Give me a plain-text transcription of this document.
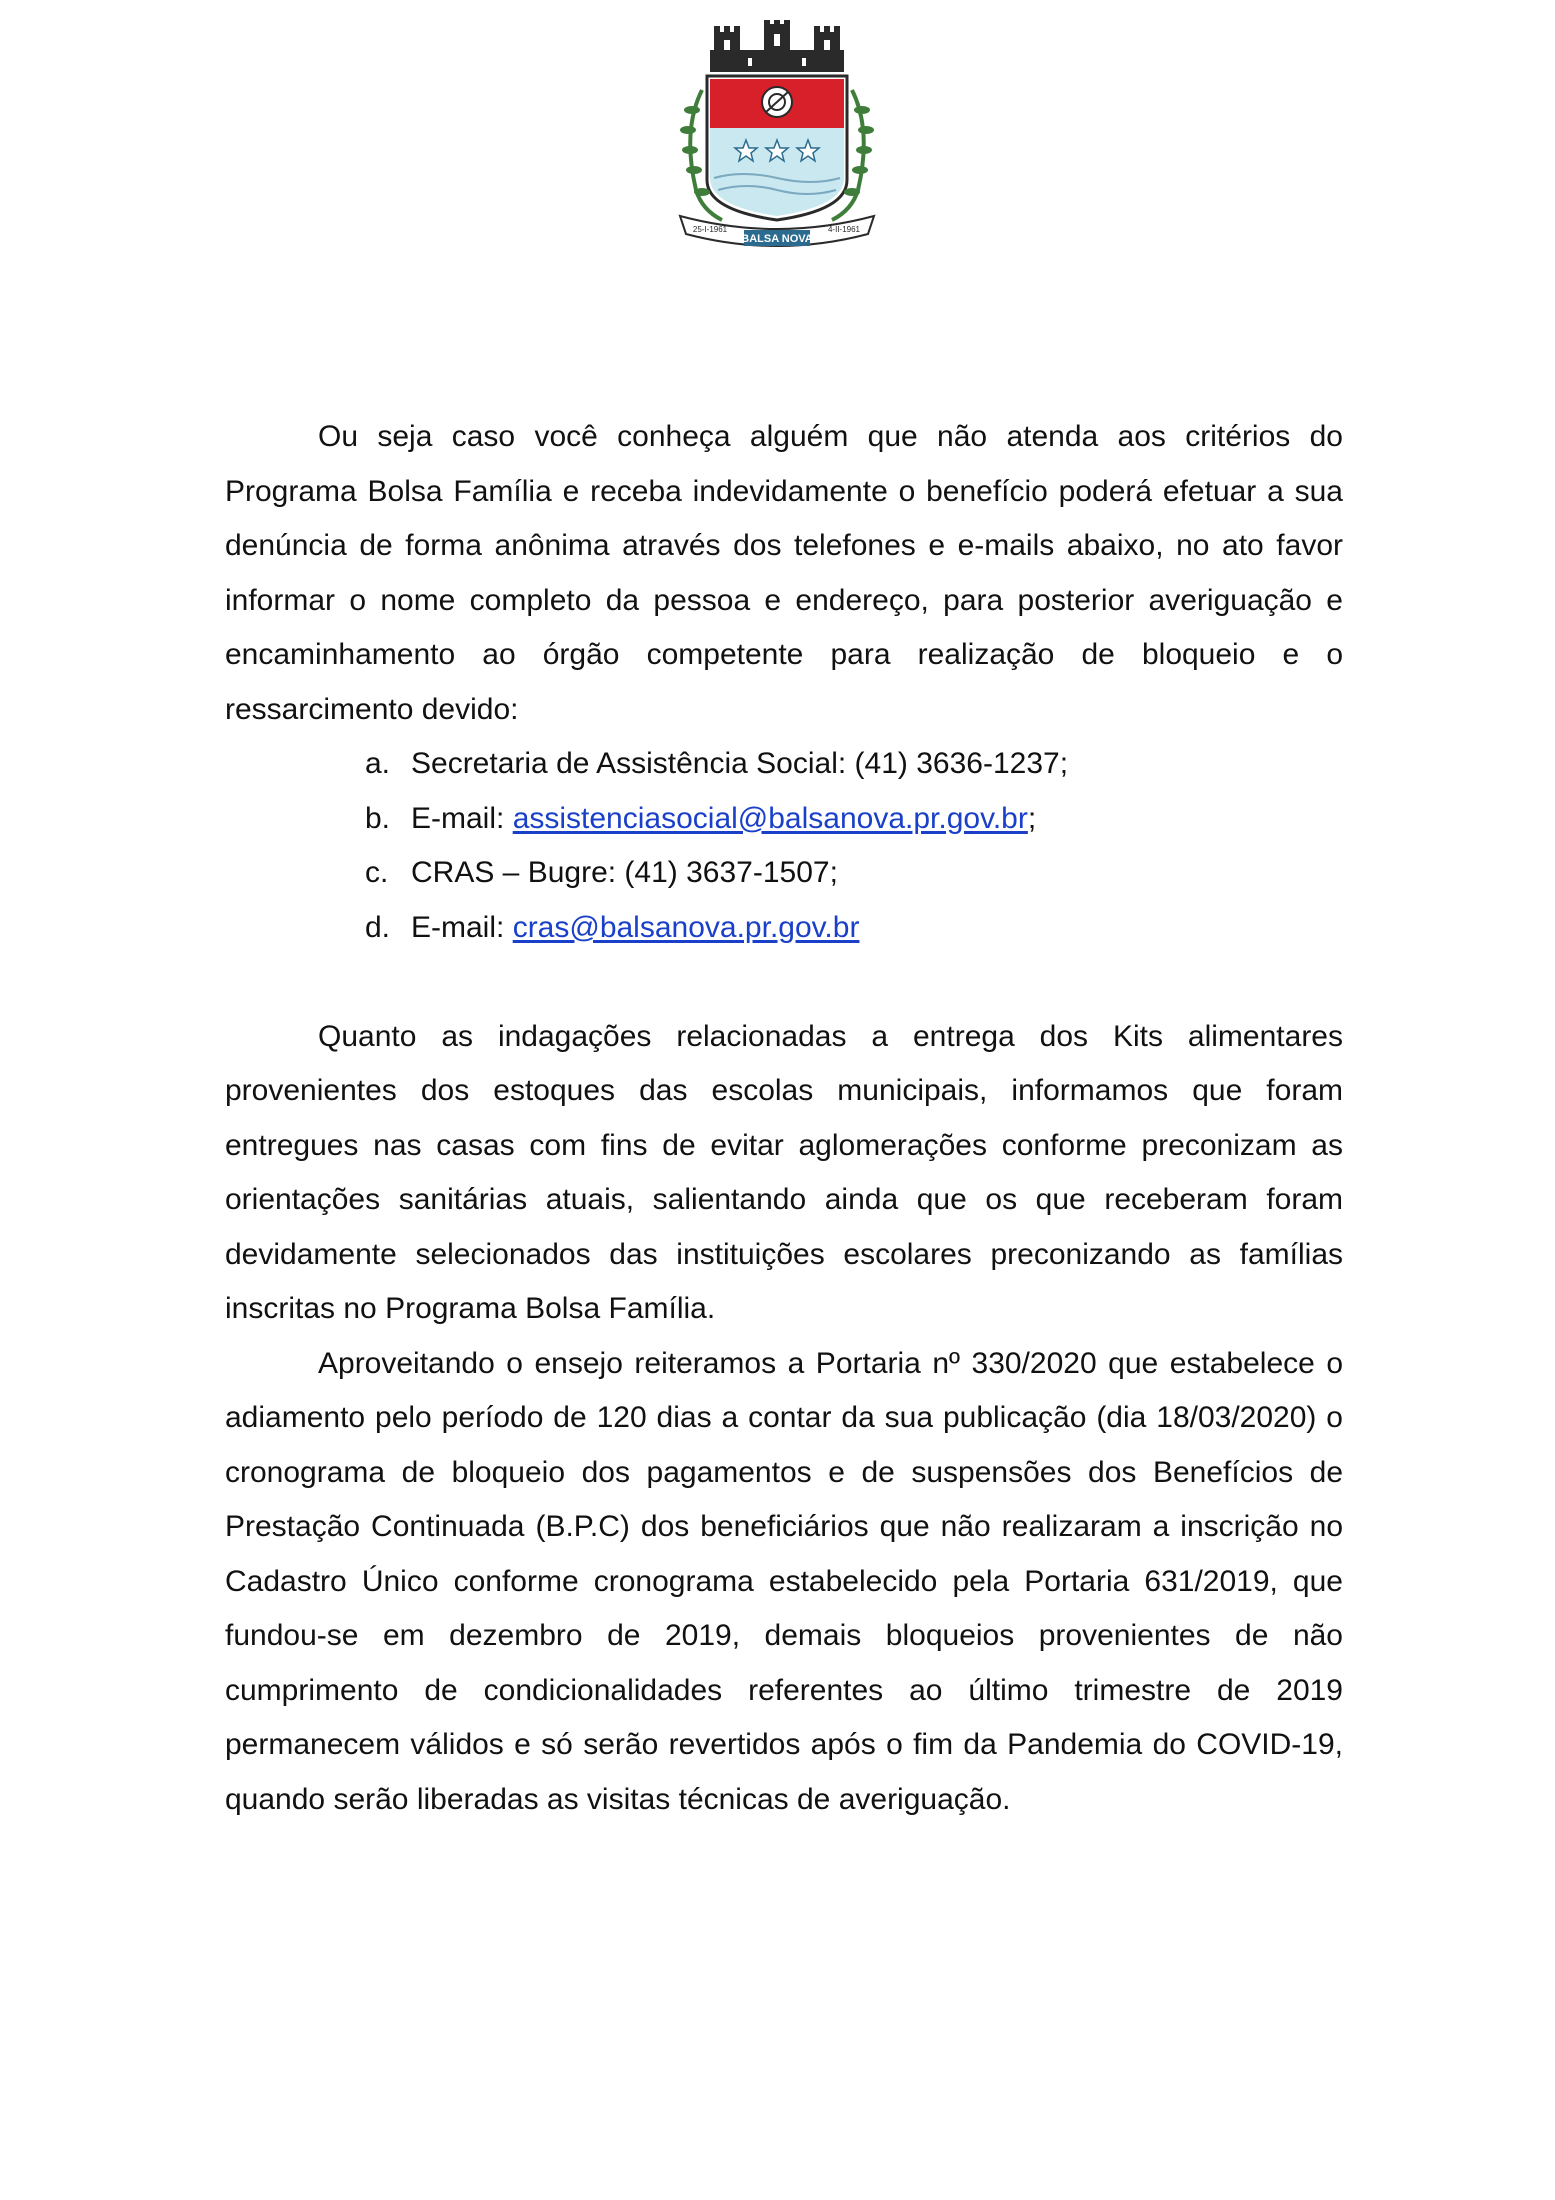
BALSA NOVA
25-I-1961	4-II-1961

Ou seja caso você conheça alguém que não atenda aos critérios do Programa Bolsa Família e receba indevidamente o benefício poderá efetuar a sua denúncia de forma anônima através dos telefones e e-mails abaixo, no ato favor informar o nome completo da pessoa e endereço, para posterior averiguação e encaminhamento ao órgão competente para realização de bloqueio e o ressarcimento devido:

a. Secretaria de Assistência Social: (41) 3636-1237;
b. E-mail:
assistenciasocial@balsanova.pr.gov.br ;
c. CRAS – Bugre: (41) 3637-1507;
d. E-mail:
cras@balsanova.pr.gov.br

Quanto as indagações relacionadas a entrega dos Kits alimentares provenientes dos estoques das escolas municipais, informamos que foram entregues nas casas com fins de evitar aglomerações conforme preconizam as orientações sanitárias atuais, salientando ainda que os que receberam foram devidamente selecionados das instituições escolares preconizando as famílias inscritas no Programa Bolsa Família.

Aproveitando o ensejo reiteramos a Portaria nº 330/2020 que estabelece o adiamento pelo período de 120 dias a contar da sua publicação (dia 18/03/2020) o cronograma de bloqueio dos pagamentos e de suspensões dos Benefícios de Prestação Continuada (B.P.C) dos beneficiários que não realizaram a inscrição no Cadastro Único conforme cronograma estabelecido pela Portaria 631/2019, que fundou-se em dezembro de 2019, demais bloqueios provenientes de não cumprimento de condicionalidades referentes ao último trimestre de 2019 permanecem válidos e só serão revertidos após o fim da Pandemia do COVID-19, quando serão liberadas as visitas técnicas de averiguação.
